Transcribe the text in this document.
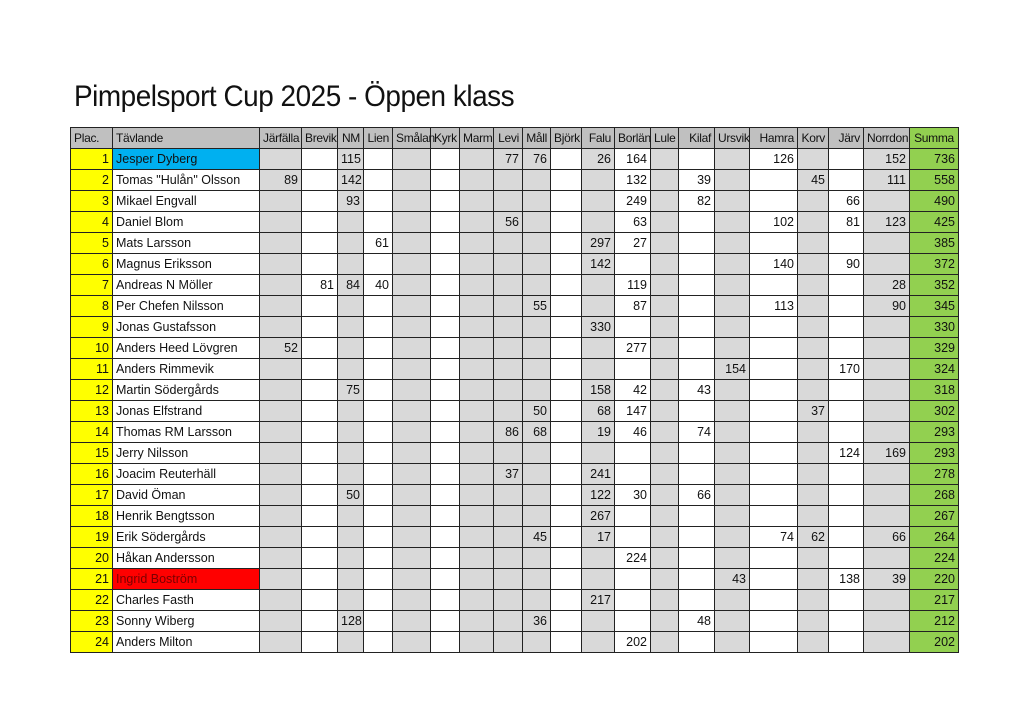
Pimpelsport Cup 2025 - Öppen klass
Plac.	Tävlande	Järfälla	Brevik	NM	Lien	Smålan	Kyrk	Marm	Levi	Måll	Björk	Falu	Borlän	Lule	Kilaf	Ursvik	Hamra	Korv	Järv	Norrdon	Summa
1	Jesper Dyberg			115					77	76		26	164				126			152	736
2	Tomas "Hulån" Olsson	89		142									132		39			45		111	558
3	Mikael Engvall			93									249		82				66		490
4	Daniel Blom								56				63				102		81	123	425
5	Mats Larsson				61							297	27								385
6	Magnus Eriksson											142					140		90		372
7	Andreas N Möller		81	84	40								119							28	352
8	Per Chefen Nilsson									55			87				113			90	345
9	Jonas Gustafsson											330									330
10	Anders Heed Lövgren	52											277								329
11	Anders Rimmevik															154			170		324
12	Martin Södergårds			75								158	42		43						318
13	Jonas Elfstrand									50		68	147					37			302
14	Thomas RM Larsson								86	68		19	46		74						293
15	Jerry Nilsson																		124	169	293
16	Joacim Reuterhäll								37			241									278
17	David Öman			50								122	30		66						268
18	Henrik Bengtsson											267									267
19	Erik Södergårds									45		17					74	62		66	264
20	Håkan Andersson												224								224
21	Ingrid Boström															43			138	39	220
22	Charles Fasth											217									217
23	Sonny Wiberg			128						36					48						212
24	Anders Milton												202								202
